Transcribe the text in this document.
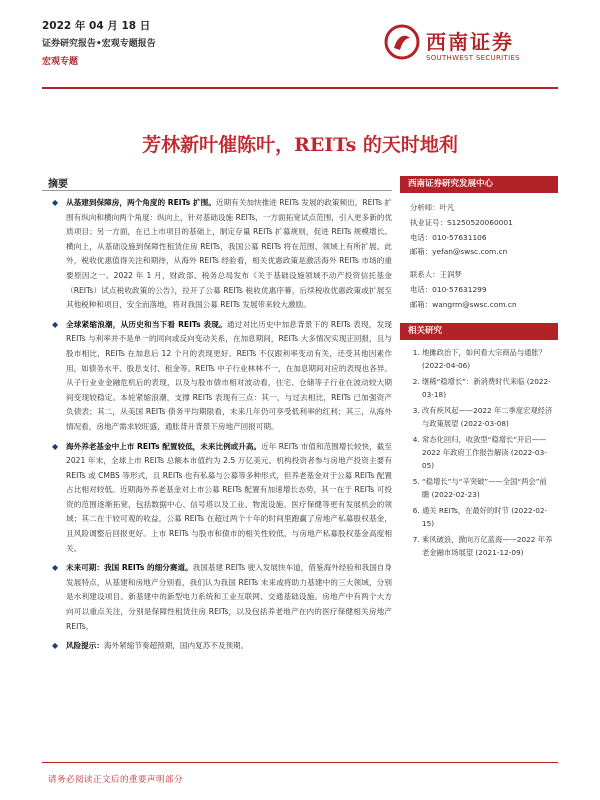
2022 年 04 月 18 日
证券研究报告•宏观专题报告
宏观专题
西南证券
SOUTHWEST SECURITIES
芳林新叶催陈叶，REITs 的天时地利
摘要
◆ 从基建到保障房，两个角度的 REITs 扩围。近期有关加快推进 REITs 发展的政策频出，REITs 扩围有纵向和横向两个角度：纵向上，针对基础设施 REITs，一方面拓宽试点范围，引入更多新的优质项目；另一方面，在已上市项目的基础上，制定存量 REITs 扩募规则，促进 REITs 规模增长。横向上，从基础设施到保障性租赁住房 REITs，我国公募 REITs 将在范围、领域上有所扩展。此外，税收优惠值得关注和期待，从海外 REITs 经验看，相关优惠政策是激活海外 REITs 市场的重要原因之一。2022 年 1 月，财政部、税务总局发布《关于基础设施领域不动产投资信托基金（REITs）试点税收政策的公告》，拉开了公募 REITs 税收优惠序幕，后续税收优惠政策或扩展至其他税种和项目，安全而落地，将对我国公募 REITs 发展带来较大激励。
◆ 全球紧缩浪潮，从历史和当下看 REITs 表现。通过对比历史中加息背景下的 REITs 表现，发现 REITs 与利率并不是单一的同向或反向变动关系，在加息期间，REITs 大多情况实现正回报，且与股市相比，REITs 在加息后 12 个月的表现更好。REITs 不仅跟利率变动有关，还受其他因素作用，如债务水平、股息支付、租金等。REITs 中子行业林林不一，在加息期间对应的表现也各异。从子行业业金融危机后的表现，以及与股市债市相对波动看，住宅、仓储等子行业在波动较大期间变现较稳定。本轮紧缩浪潮，支撑 REITs 表现有三点：其一，与过去相比，REITs 已加强资产负债表；其二，从美国 REITs 债务平均期限看，未来几年仍可享受低利率的红利；其三，从海外情况看，房地产需求较旺盛，通胀背升背景下房地产回报可期。
◆ 海外养老基金中上市 REITs 配置较低，未来比例或升高。近年 REITs 市值和范围增长较快，截至 2021 年末，全球上市 REITs 总额本市值约为 2.5 万亿美元。机构投资者参与房地产投资主要有 REITs 或 CMBS 等形式，且 REITs 也有私募与公募等多种形式，但养老基金对于公募 REITs 配置占比相对较低。近期海外养老基金对上市公募 REITs 配置有加速增长态势，其一在于 REITs 可投资的范围逐渐拓宽，包括数据中心、信号塔以及工业、物流设施、医疗保健等更有发展机会的领域；其二在于较可观的收益，公募 REITs 在超过两个十年的时间里跑赢了房地产私募股权基金，且风险调整后回报更好。上市 REITs 与股市和债市的相关性较低，与房地产私募股权基金高度相关。
◆ 未来可期：我国 REITs 的细分赛道。我国基建 REITs 驶入发展快车道，借鉴海外经验和我国自身发展特点，从基建和房地产分别看，我们认为我国 REITs 未来或将助力基建中的三大领域，分别是水利建设项目、新基建中的新型电力系统和工业互联网、交通基础设施。房地产中有两个大方向可以重点关注，分别是保障性租赁住房 REITs，以及包括养老地产在内的医疗保健相关房地产 REITs。
◆ 风险提示：海外紧缩节奏超预期，国内复苏不及预期。
西南证券研究发展中心
分析师：叶凡
执业证号：S1250520060001
电话：010-57631106
邮箱：yefan@swsc.com.cn
联系人：王润梦
电话：010-57631299
邮箱：wangrm@swsc.com.cn
相关研究
1. 地摊政治下，如何看大宗商品与通胀？ (2022-04-06)
2. 继稀“稳增长”：新消费时代来临 (2022-03-18)
3. 改有疾风起——2022 年二季度宏观经济与政策展望 (2022-03-08)
4. 常态化回归，收敛型“稳增长”开启——2022 年政府工作报告解读 (2022-03-05)
5. “稳增长”与“辛突破”——全国“两会”前瞻 (2022-02-23)
6. 通关 REITs，在最好的时节 (2022-02-15)
7. 乘风破浪，掀向万亿蓝海——2022 年养老金融市场展望 (2021-12-09)
请务必阅读正文后的重要声明部分
